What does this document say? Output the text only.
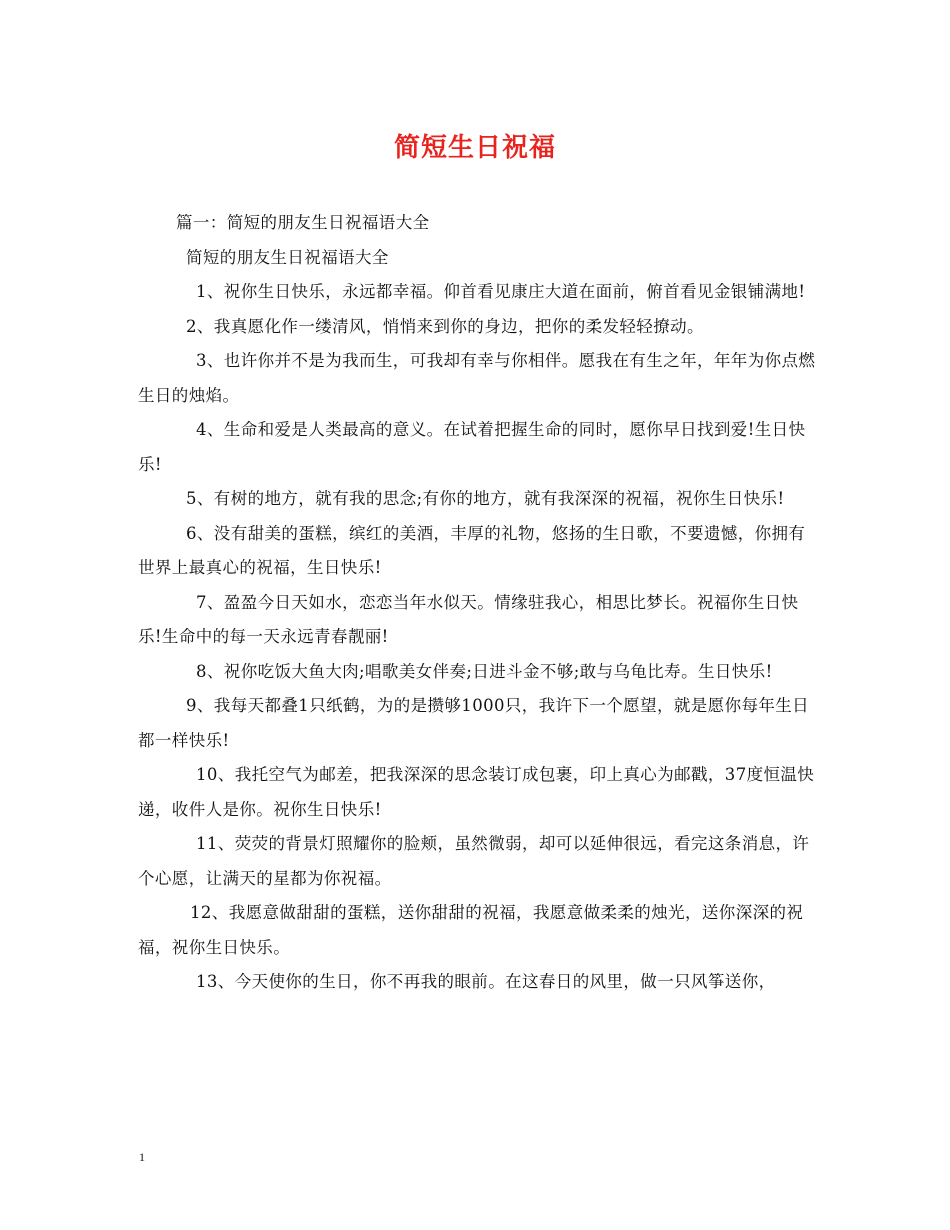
简短生日祝福

篇一：简短的朋友生日祝福语大全

简短的朋友生日祝福语大全

1、祝你生日快乐，永远都幸福。仰首看见康庄大道在面前，俯首看见金银铺满地!

2、我真愿化作一缕清风，悄悄来到你的身边，把你的柔发轻轻撩动。

3、也许你并不是为我而生，可我却有幸与你相伴。愿我在有生之年，年年为你点燃生日的烛焰。

4、生命和爱是人类最高的意义。在试着把握生命的同时，愿你早日找到爱!生日快乐!

5、有树的地方，就有我的思念;有你的地方，就有我深深的祝福，祝你生日快乐!

6、没有甜美的蛋糕，缤红的美酒，丰厚的礼物，悠扬的生日歌，不要遗憾，你拥有世界上最真心的祝福，生日快乐!

7、盈盈今日天如水，恋恋当年水似天。情缘驻我心，相思比梦长。祝福你生日快乐!生命中的每一天永远青春靓丽!

8、祝你吃饭大鱼大肉;唱歌美女伴奏;日进斗金不够;敢与乌龟比寿。生日快乐!

9、我每天都叠1只纸鹤，为的是攒够1000只，我许下一个愿望，就是愿你每年生日都一样快乐!

10、我托空气为邮差，把我深深的思念装订成包裹，印上真心为邮戳，37度恒温快递，收件人是你。祝你生日快乐!

11、荧荧的背景灯照耀你的脸颊，虽然微弱，却可以延伸很远，看完这条消息，许个心愿，让满天的星都为你祝福。

12、我愿意做甜甜的蛋糕，送你甜甜的祝福，我愿意做柔柔的烛光，送你深深的祝福，祝你生日快乐。

13、今天使你的生日，你不再我的眼前。在这春日的风里，做一只风筝送你，

1
